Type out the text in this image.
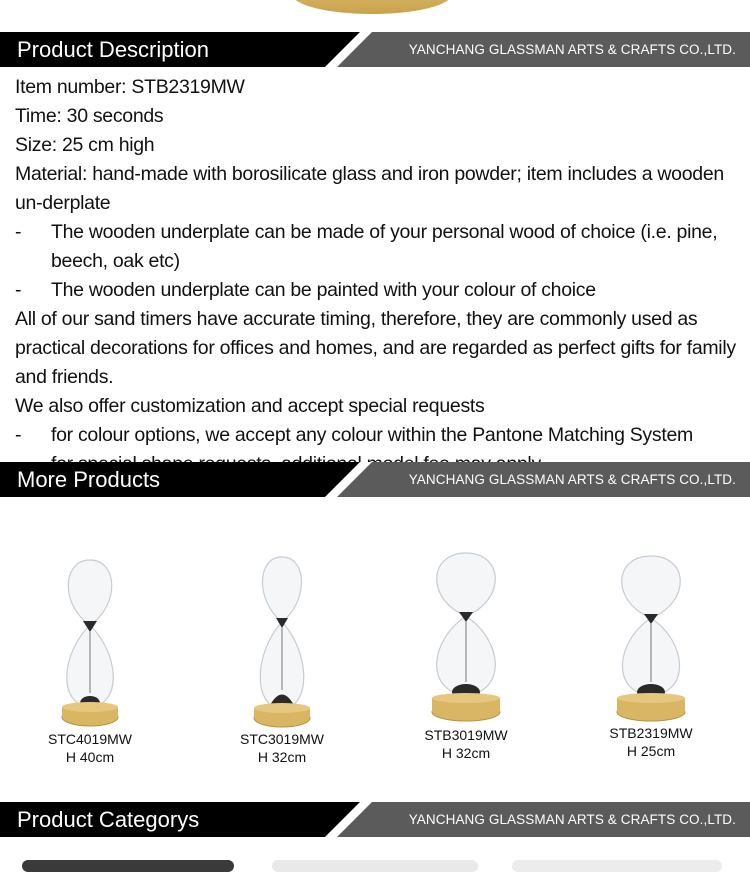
Product Description	YANCHANG GLASSMAN ARTS & CRAFTS CO.,LTD.

Item number: STB2319MW

Time: 30 seconds

Size: 25 cm high

Material: hand-made with borosilicate glass and iron powder; item includes a wooden un-derplate

-	The wooden underplate can be made of your personal wood of choice (i.e. pine, beech, oak etc)

-	The wooden underplate can be painted with your colour of choice

All of our sand timers have accurate timing, therefore, they are commonly used as practical decorations for offices and homes, and are regarded as perfect gifts for family and friends.

We also offer customization and accept special requests

-	for colour options, we accept any colour within the Pantone Matching System

More Products	YANCHANG GLASSMAN ARTS & CRAFTS CO.,LTD.
STC4019MW
H 40cm
STC3019MW
H 32cm
STB3019MW
H 32cm
STB2319MW
H 25cm
Product Categorys	YANCHANG GLASSMAN ARTS & CRAFTS CO.,LTD.
